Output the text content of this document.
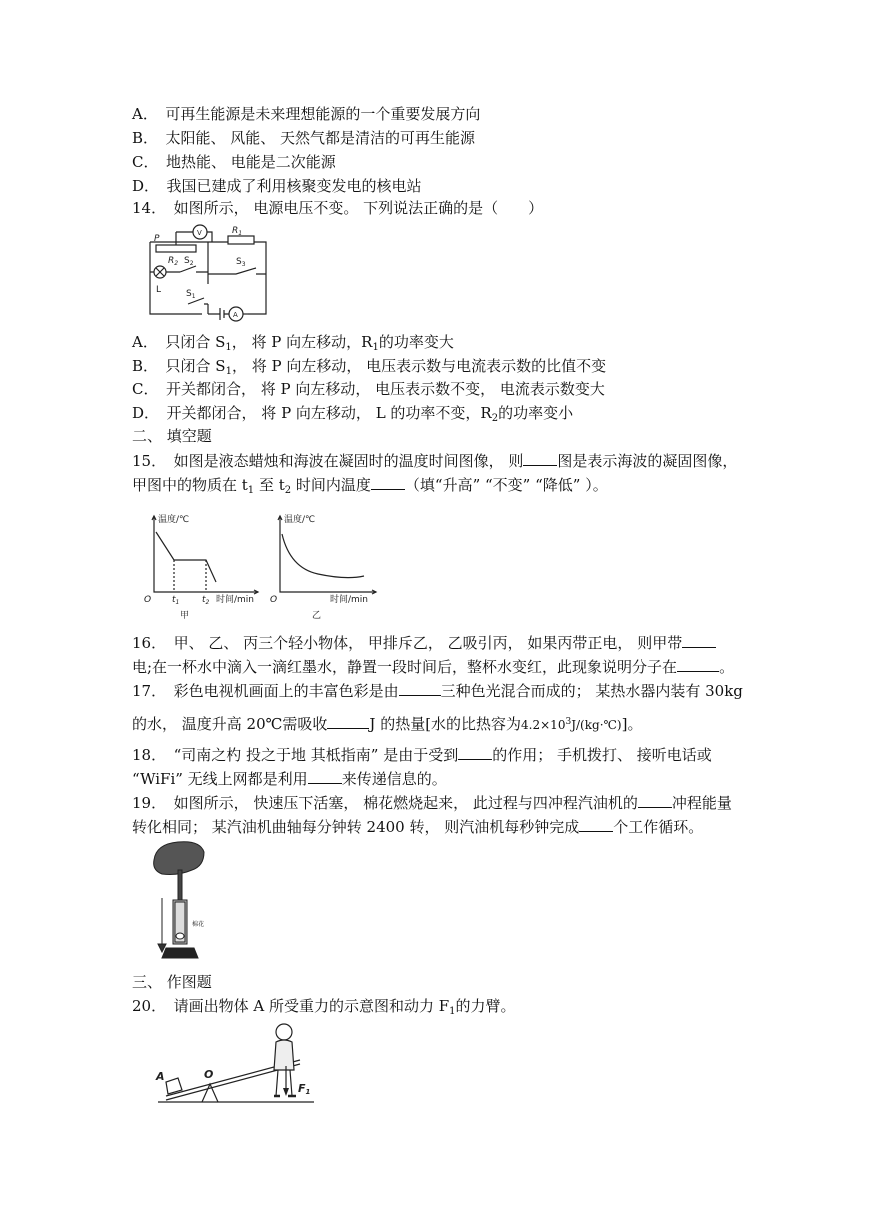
A．　可再生能源是未来理想能源的一个重要发展方向
B．　太阳能、 风能、 天然气都是清洁的可再生能源
C．　地热能、 电能是二次能源
D．　我国已建成了利用核聚变发电的核电站
14．　如图所示， 电源电压不变。 下列说法正确的是（　　）
P
V	$R_1$
$R_2$ $S_2$	$S_3$
L	$S_1$
A
A．　只闭合 $S_1$， 将 P 向左移动，$R_1$的功率变大
B．　只闭合 $S_1$， 将 P 向左移动， 电压表示数与电流表示数的比值不变
C．　开关都闭合， 将 P 向左移动， 电压表示数不变， 电流表示数变大
D．　开关都闭合， 将 P 向左移动， L 的功率不变，$R_2$的功率变小
二、 填空题
15．　如图是液态蜡烛和海波在凝固时的温度时间图像， 则 图是表示海波的凝固图像，
甲图中的物质在 $t_1$ 至 $t_2$ 时间内温度 （填“升高” “不变” “降低” ）。
温度/℃
O $t_1$	$t_2$ 时间/min
甲
温度/℃
O	时间/min
乙
16．　甲、 乙、 丙三个轻小物体， 甲排斥乙， 乙吸引丙， 如果丙带正电， 则甲带
电;在一杯水中滴入一滴红墨水，静置一段时间后，整杯水变红，此现象说明分子在	。
17．　彩色电视机画面上的丰富色彩是由	三种色光混合而成的； 某热水器内装有 30kg
的水， 温度升高 20℃需吸收	J 的热量[水的比热容为$4.2\times 10^3J/(kg\cdot℃)$]。
18．　“司南之杓 投之于地 其柢指南” 是由于受到 的作用； 手机拨打、 接听电话或
“WiFi” 无线上网都是利用 来传递信息的。
19．　如图所示， 快速压下活塞， 棉花燃烧起来， 此过程与四冲程汽油机的 冲程能量
转化相同； 某汽油机曲轴每分钟转 2400 转， 则汽油机每秒钟完成 个工作循环。
棉花
三、 作图题
20．　请画出物体 A 所受重力的示意图和动力 $F_1$的力臂。
A	O
F1
